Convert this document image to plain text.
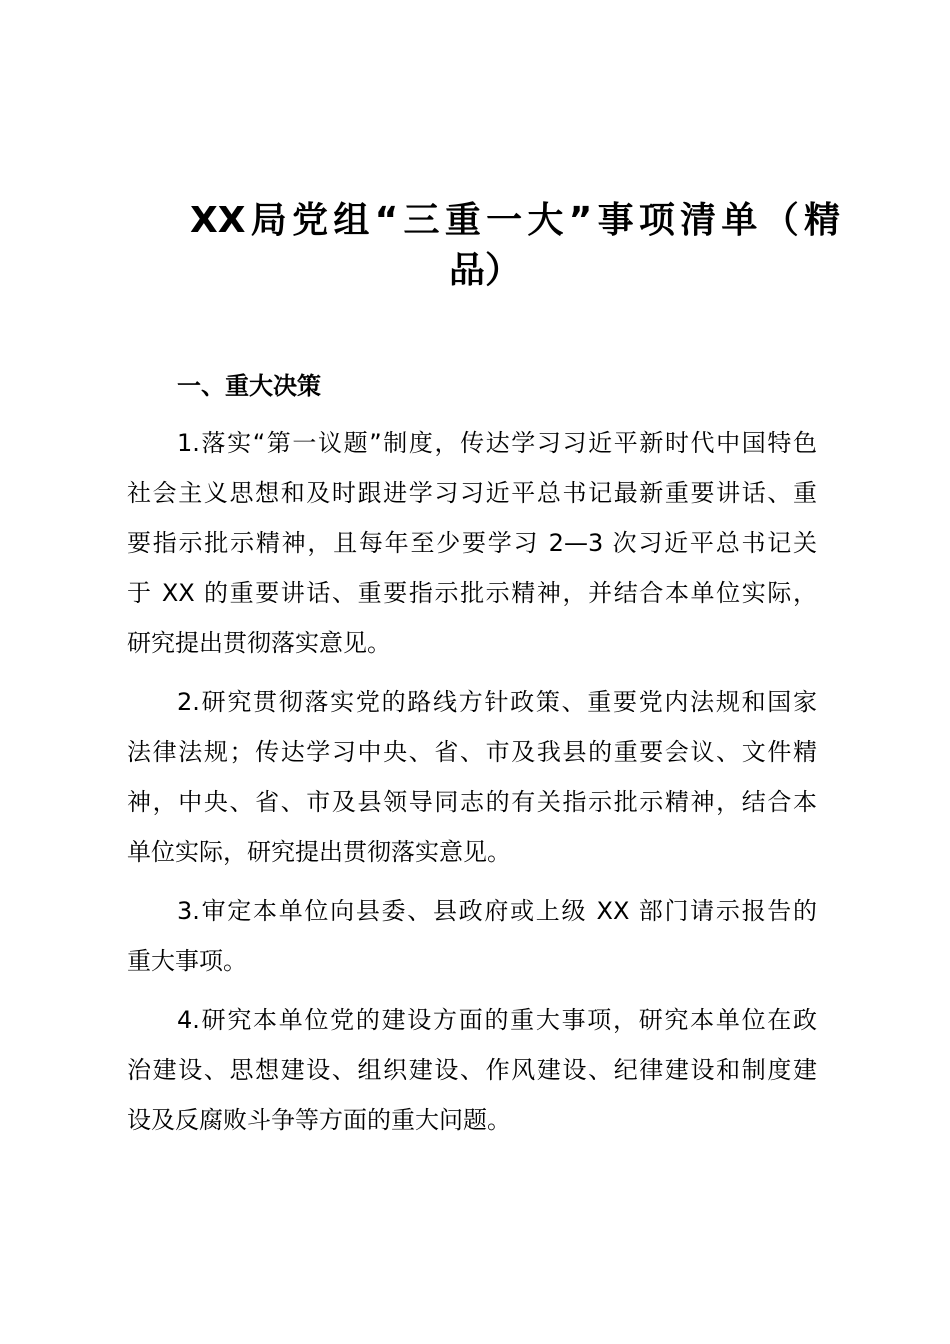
XX局党组“三重一大”事项清单（精
品）
一、重大决策
1.落实“第一议题”制度，传达学习习近平新时代中国特色
社会主义思想和及时跟进学习习近平总书记最新重要讲话、重
要指示批示精神，且每年至少要学习 2—3 次习近平总书记关
于 XX 的重要讲话、重要指示批示精神，并结合本单位实际，
研究提出贯彻落实意见。
2.研究贯彻落实党的路线方针政策、重要党内法规和国家
法律法规；传达学习中央、省、市及我县的重要会议、文件精
神，中央、省、市及县领导同志的有关指示批示精神，结合本
单位实际，研究提出贯彻落实意见。
3.审定本单位向县委、县政府或上级 XX 部门请示报告的
重大事项。
4.研究本单位党的建设方面的重大事项，研究本单位在政
治建设、思想建设、组织建设、作风建设、纪律建设和制度建
设及反腐败斗争等方面的重大问题。
